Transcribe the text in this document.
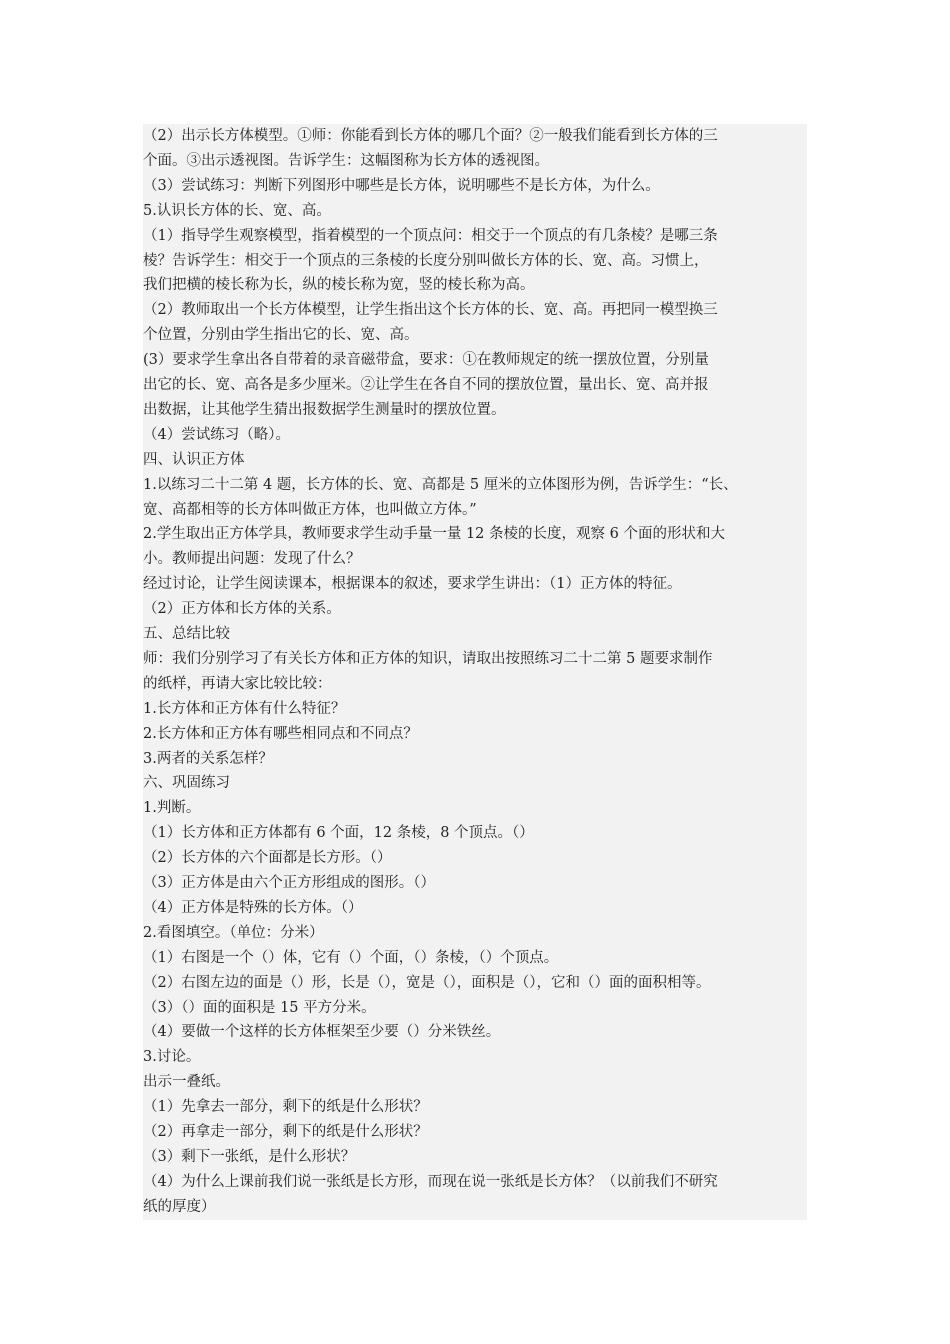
（2）出示长方体模型。①师：你能看到长方体的哪几个面？②一般我们能看到长方体的三
个面。③出示透视图。告诉学生：这幅图称为长方体的透视图。
（3）尝试练习：判断下列图形中哪些是长方体，说明哪些不是长方体，为什么。
5.认识长方体的长、宽、高。
（1）指导学生观察模型，指着模型的一个顶点问：相交于一个顶点的有几条棱？是哪三条
棱？告诉学生：相交于一个顶点的三条棱的长度分别叫做长方体的长、宽、高。习惯上，
我们把横的棱长称为长，纵的棱长称为宽，竖的棱长称为高。
（2）教师取出一个长方体模型，让学生指出这个长方体的长、宽、高。再把同一模型换三
个位置，分别由学生指出它的长、宽、高。
(3）要求学生拿出各自带着的录音磁带盒，要求：①在教师规定的统一摆放位置，分别量
出它的长、宽、高各是多少厘米。②让学生在各自不同的摆放位置，量出长、宽、高并报
出数据，让其他学生猜出报数据学生测量时的摆放位置。
（4）尝试练习（略）。
四、认识正方体
1.以练习二十二第 4 题，长方体的长、宽、高都是 5 厘米的立体图形为例，告诉学生：“长、
宽、高都相等的长方体叫做正方体，也叫做立方体。”
2.学生取出正方体学具，教师要求学生动手量一量 12 条棱的长度，观察 6 个面的形状和大
小。教师提出问题：发现了什么？
经过讨论，让学生阅读课本，根据课本的叙述，要求学生讲出：（1）正方体的特征。
（2）正方体和长方体的关系。
五、总结比较
师：我们分别学习了有关长方体和正方体的知识，请取出按照练习二十二第 5 题要求制作
的纸样，再请大家比较比较：
1.长方体和正方体有什么特征？
2.长方体和正方体有哪些相同点和不同点？
3.两者的关系怎样？
六、巩固练习
1.判断。
（1）长方体和正方体都有 6 个面，12 条棱，8 个顶点。（）
（2）长方体的六个面都是长方形。（）
（3）正方体是由六个正方形组成的图形。（）
（4）正方体是特殊的长方体。（）
2.看图填空。（单位：分米）
（1）右图是一个（）体，它有（）个面，（）条棱，（）个顶点。
（2）右图左边的面是（）形，长是（），宽是（），面积是（），它和（）面的面积相等。
（3）（）面的面积是 15 平方分米。
（4）要做一个这样的长方体框架至少要（）分米铁丝。
3.讨论。
出示一叠纸。
（1）先拿去一部分，剩下的纸是什么形状？
（2）再拿走一部分，剩下的纸是什么形状？
（3）剩下一张纸，是什么形状？
（4）为什么上课前我们说一张纸是长方形，而现在说一张纸是长方体？（以前我们不研究
纸的厚度）
